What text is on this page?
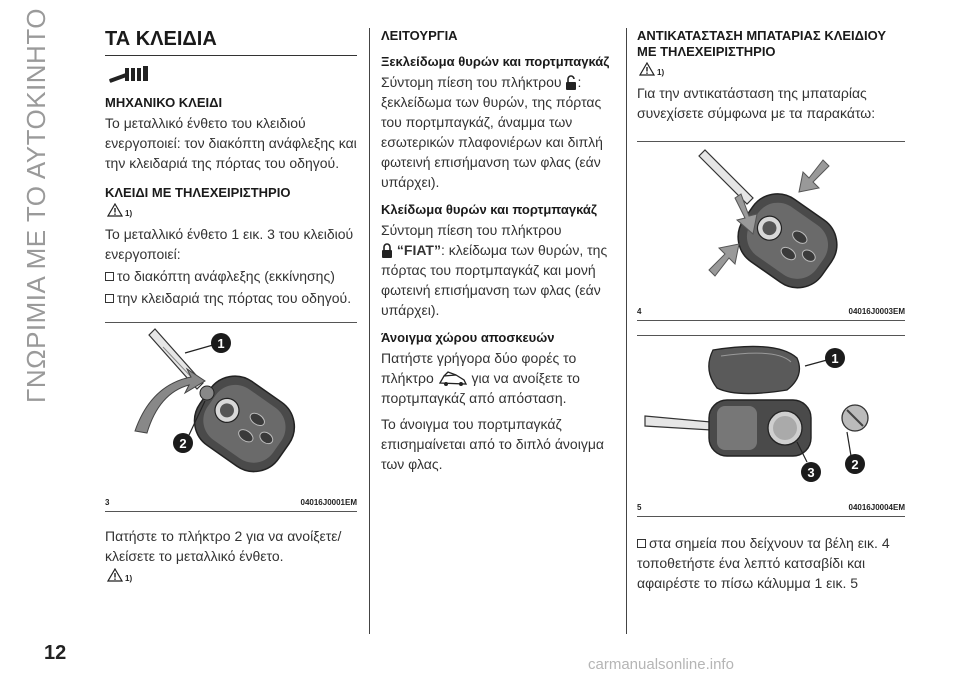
ΓΝΩΡΙΜΙΑ ΜΕ ΤΟ ΑΥΤΟΚΙΝΗΤΟ	ΤΑ ΚΛΕΙΔΙΑ
ΜΗΧΑΝΙΚΟ ΚΛΕΙΔΙ

Το μεταλλικό ένθετο του κλειδιού ενεργοποιεί: τον διακόπτη ανάφλεξης και την κλειδαριά της πόρτας του οδηγού.

ΚΛΕΙΔΙ ΜΕ ΤΗΛΕΧΕΙΡΙΣΤΗΡΙΟ
$_{1)}$

Το μεταλλικό ένθετο 1 εικ. 3 του κλειδιού ενεργοποιεί:

το διακόπτη ανάφλεξης (εκκίνησης)

την κλειδαριά της πόρτας του οδηγού.

1
2
3	04016J0001EM

Πατήστε το πλήκτρο 2 για να ανοίξετε/κλείσετε το μεταλλικό ένθετο.

$_{1)}$
ΛΕΙΤΟΥΡΓΙΑ
Ξεκλείδωμα θυρών και πορτμπαγκάζ

Σύντομη πίεση του πλήκτρου : ξεκλείδωμα των θυρών, της πόρτας του πορτμπαγκάζ, άναμμα των εσωτερικών πλαφονιέρων και διπλή φωτεινή επισήμανση των φλας (εάν υπάρχει).

Κλείδωμα θυρών και πορτμπαγκάζ

Σύντομη πίεση του πλήκτρου
“FIAT”: κλείδωμα των θυρών, της πόρτας του πορτμπαγκάζ και μονή φωτεινή επισήμανση των φλας (εάν υπάρχει).

Άνοιγμα χώρου αποσκευών

Πατήστε γρήγορα δύο φορές το πλήκτρο	για να ανοίξετε το πορτμπαγκάζ από απόσταση.

Το άνοιγμα του πορτμπαγκάζ επισημαίνεται από το διπλό άνοιγμα των φλας.

ΑΝΤΙΚΑΤΑΣΤΑΣΗ ΜΠΑΤΑΡΙΑΣ ΚΛΕΙΔΙΟΥ ΜΕ ΤΗΛΕΧΕΙΡΙΣΤΗΡΙΟ
$_{1)}$

Για την αντικατάσταση της μπαταρίας συνεχίσετε σύμφωνα με τα παρακάτω:

4	04016J0003EM
1
2
3
5	04016J0004EM

στα σημεία που δείχνουν τα βέλη εικ. 4 τοποθετήστε ένα λεπτό κατσαβίδι και αφαιρέστε το πίσω κάλυμμα 1 εικ. 5

12
carmanualsonline.info
